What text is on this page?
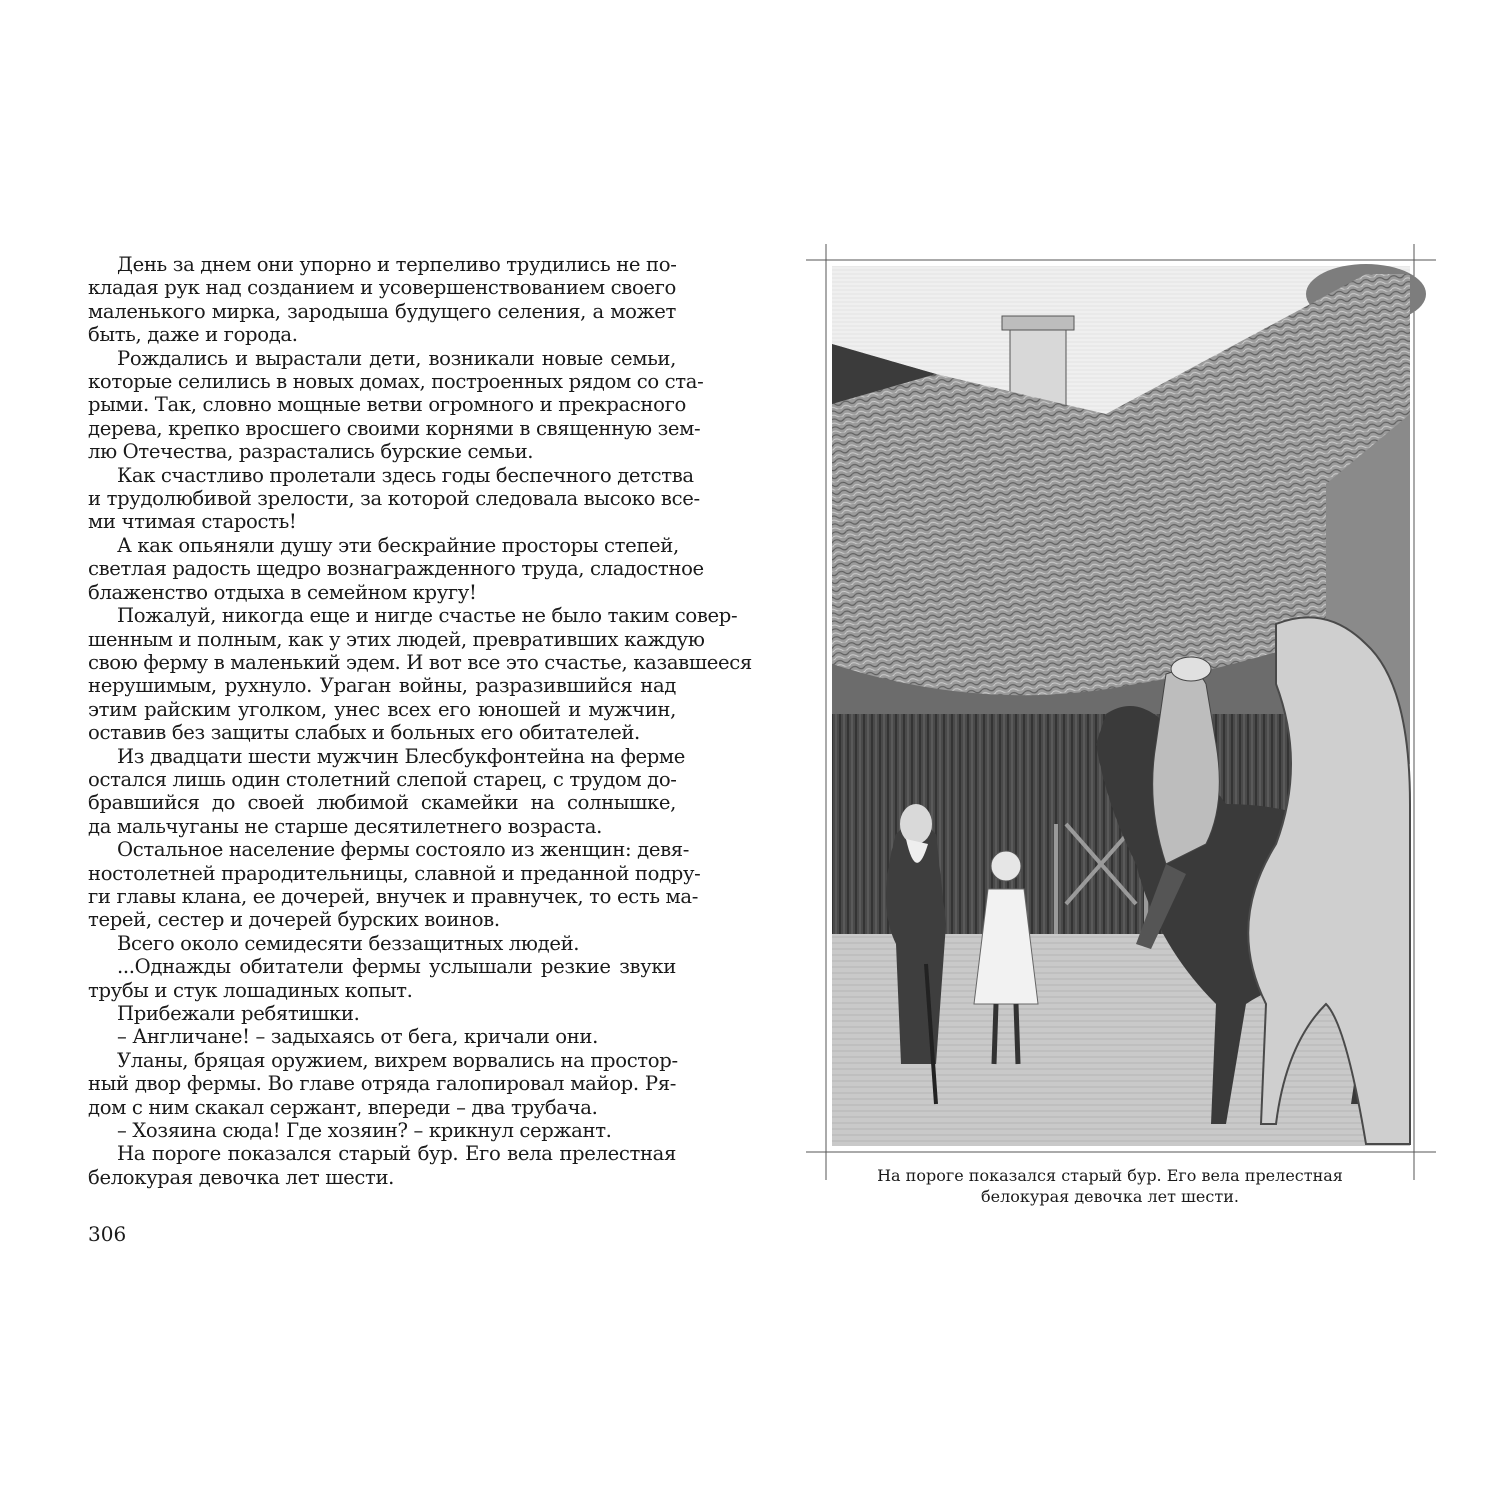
День за днем они упорно и терпеливо трудились не по-
кладая рук над созданием и усовершенствованием своего
маленького мирка, зародыша будущего селения, а может
быть, даже и города.

Рождались и вырастали дети, возникали новые семьи,
которые селились в новых домах, построенных рядом со ста-
рыми. Так, словно мощные ветви огромного и прекрасного
дерева, крепко вросшего своими корнями в священную зем-
лю Отечества, разрастались бурские семьи.

Как счастливо пролетали здесь годы беспечного детства
и трудолюбивой зрелости, за которой следовала высоко все-
ми чтимая старость!

А как опьяняли душу эти бескрайние просторы степей,
светлая радость щедро вознагражденного труда, сладостное
блаженство отдыха в семейном кругу!

Пожалуй, никогда еще и нигде счастье не было таким совер-
шенным и полным, как у этих людей, превративших каждую
свою ферму в маленький эдем. И вот все это счастье, казавшееся
нерушимым, рухнуло. Ураган войны, разразившийся над
этим райским уголком, унес всех его юношей и мужчин,
оставив без защиты слабых и больных его обитателей.

Из двадцати шести мужчин Блесбукфонтейна на ферме
остался лишь один столетний слепой старец, с трудом до-
бравшийся до своей любимой скамейки на солнышке,
да мальчуганы не старше десятилетнего возраста.

Остальное население фермы состояло из женщин: девя-
ностолетней прародительницы, славной и преданной подру-
ги главы клана, ее дочерей, внучек и правнучек, то есть ма-
терей, сестер и дочерей бурских воинов.

Всего около семидесяти беззащитных людей.

...Однажды обитатели фермы услышали резкие звуки
трубы и стук лошадиных копыт.

Прибежали ребятишки.

– Англичане! – задыхаясь от бега, кричали они.

Уланы, бряцая оружием, вихрем ворвались на простор-
ный двор фермы. Во главе отряда галопировал майор. Ря-
дом с ним скакал сержант, впереди – два трубача.

– Хозяина сюда! Где хозяин? – крикнул сержант.

На пороге показался старый бур. Его вела прелестная
белокурая девочка лет шести.

306
На пороге показался старый бур. Его вела прелестная
белокурая девочка лет шести.
